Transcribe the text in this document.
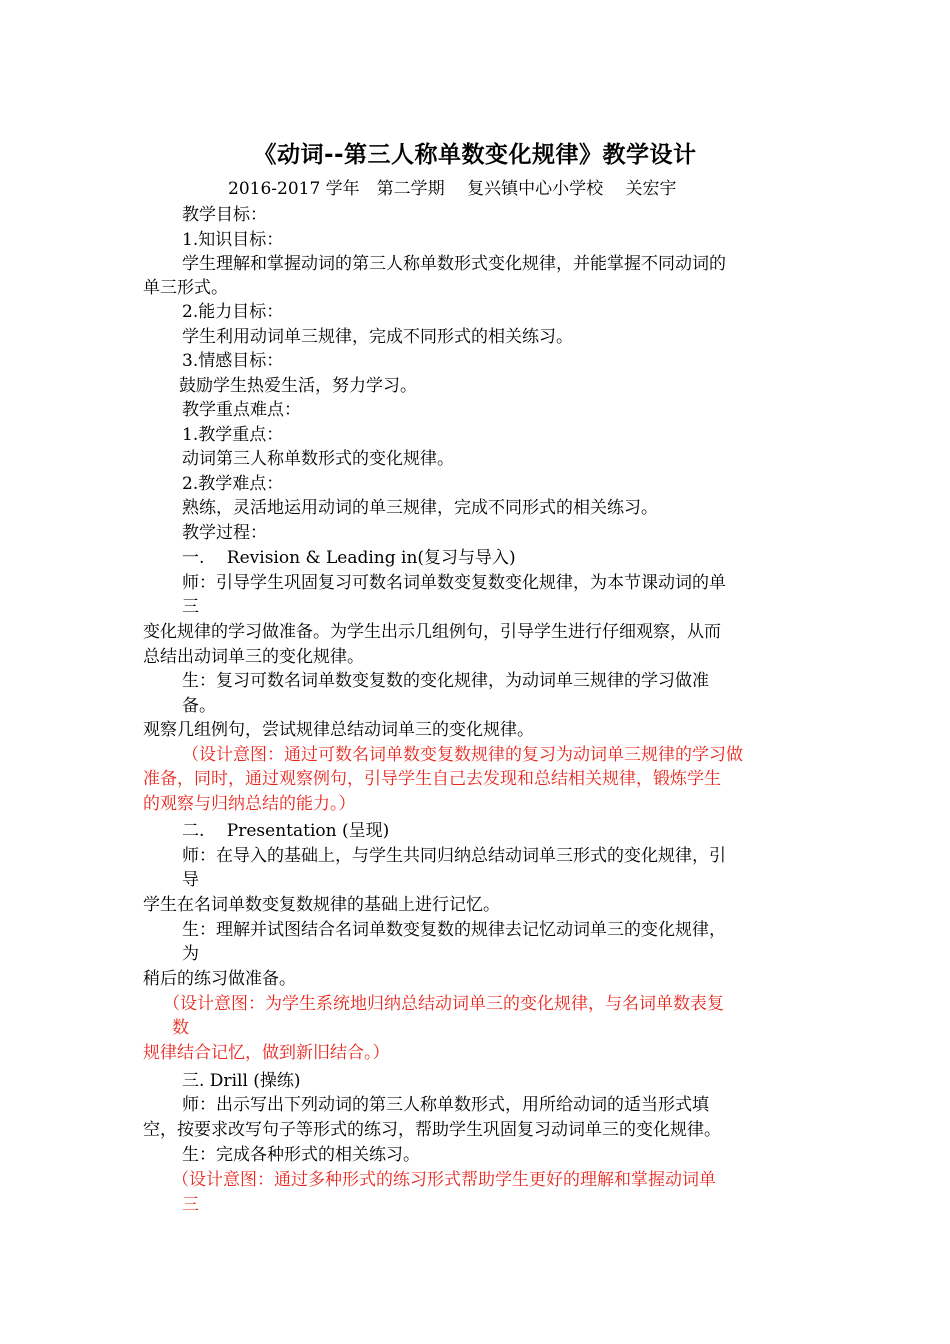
《动词--第三人称单数变化规律》教学设计
2016-2017 学年　第二学期　 复兴镇中心小学校　 关宏宇
教学目标：
1.知识目标：
学生理解和掌握动词的第三人称单数形式变化规律，并能掌握不同动词的
单三形式。
2.能力目标：
学生利用动词单三规律，完成不同形式的相关练习。
3.情感目标：
鼓励学生热爱生活，努力学习。
教学重点难点：
1.教学重点：
动词第三人称单数形式的变化规律。
2.教学难点：
熟练，灵活地运用动词的单三规律，完成不同形式的相关练习。
教学过程：
一.　 Revision & Leading in(复习与导入)
师：引导学生巩固复习可数名词单数变复数变化规律，为本节课动词的单
三
变化规律的学习做准备。为学生出示几组例句，引导学生进行仔细观察，从而
总结出动词单三的变化规律。
生：复习可数名词单数变复数的变化规律，为动词单三规律的学习做准
备。
观察几组例句，尝试规律总结动词单三的变化规律。
（设计意图：通过可数名词单数变复数规律的复习为动词单三规律的学习做
准备，同时，通过观察例句，引导学生自己去发现和总结相关规律，锻炼学生
的观察与归纳总结的能力。）
二.　 Presentation (呈现)
师：在导入的基础上，与学生共同归纳总结动词单三形式的变化规律，引
导
学生在名词单数变复数规律的基础上进行记忆。
生：理解并试图结合名词单数变复数的规律去记忆动词单三的变化规律，
为
稍后的练习做准备。
（设计意图：为学生系统地归纳总结动词单三的变化规律，与名词单数表复
数
规律结合记忆，做到新旧结合。）
三. Drill (操练)
师：出示写出下列动词的第三人称单数形式，用所给动词的适当形式填
空，按要求改写句子等形式的练习，帮助学生巩固复习动词单三的变化规律。
生：完成各种形式的相关练习。
（设计意图：通过多种形式的练习形式帮助学生更好的理解和掌握动词单
三
